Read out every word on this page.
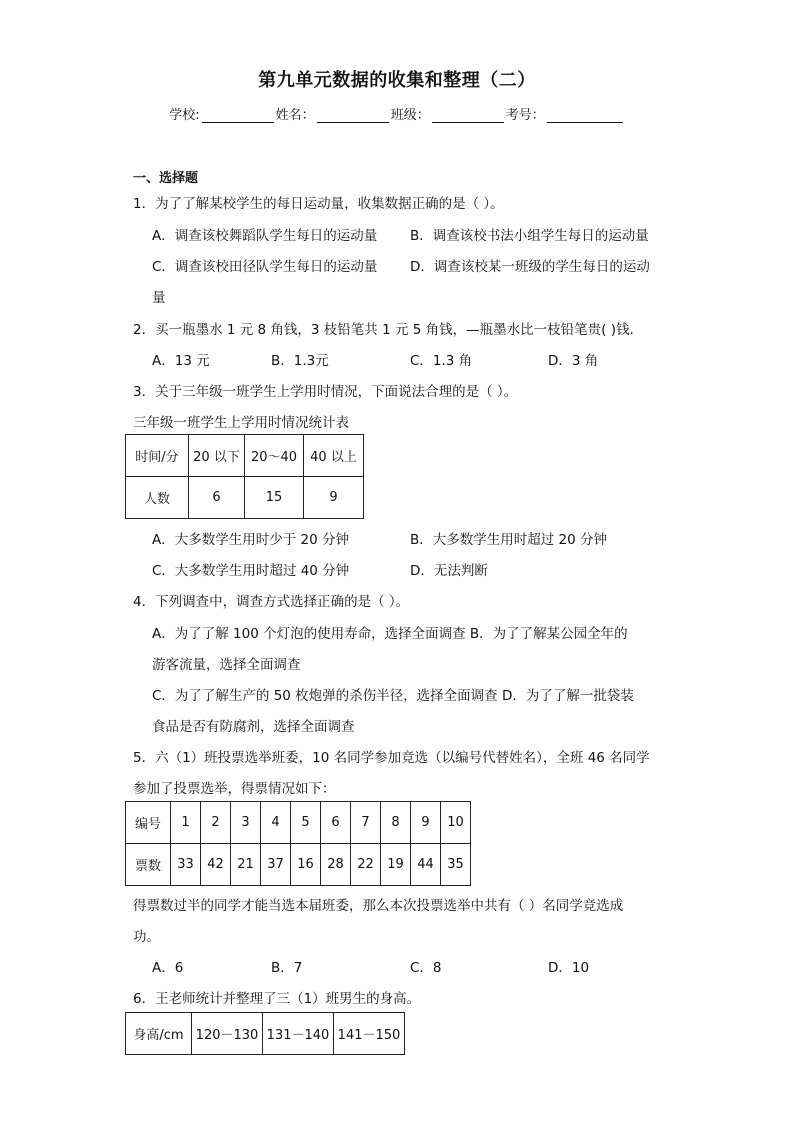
第九单元数据的收集和整理（二）
学校:	姓名：	班级：	考号：
一、选择题
1．为了了解某校学生的每日运动量，收集数据正确的是（ ）。
A．调查该校舞蹈队学生每日的运动量 B．调查该校书法小组学生每日的运动量
C．调查该校田径队学生每日的运动量 D．调查该校某一班级的学生每日的运动
量
2．买一瓶墨水 1 元 8 角钱，3 枝铅笔共 1 元 5 角钱，—瓶墨水比一枝铅笔贵( )钱.
A．13 元	B．1.3元	C．1.3 角	D．3 角
3．关于三年级一班学生上学用时情况，下面说法合理的是（ ）。
三年级一班学生上学用时情况统计表
时间/分	20 以下	20～40	40 以上
人数	6	15	9
A．大多数学生用时少于 20 分钟	B．大多数学生用时超过 20 分钟
C．大多数学生用时超过 40 分钟	D．无法判断
4．下列调查中，调查方式选择正确的是（ ）。
A．为了了解 100 个灯泡的使用寿命，选择全面调查 B．为了了解某公园全年的
游客流量，选择全面调查
C．为了了解生产的 50 枚炮弹的杀伤半径，选择全面调查 D．为了了解一批袋装
食品是否有防腐剂，选择全面调查
5．六（1）班投票选举班委，10 名同学参加竞选（以编号代替姓名），全班 46 名同学
参加了投票选举，得票情况如下：
编号	1	2	3	4	5	6	7	8	9	10
票数	33	42	21	37	16	28	22	19	44	35
得票数过半的同学才能当选本届班委，那么本次投票选举中共有（ ）名同学竞选成
功。
A．6	B．7	C．8	D．10
6．王老师统计并整理了三（1）班男生的身高。
身高/cm	120－130	131－140	141－150
